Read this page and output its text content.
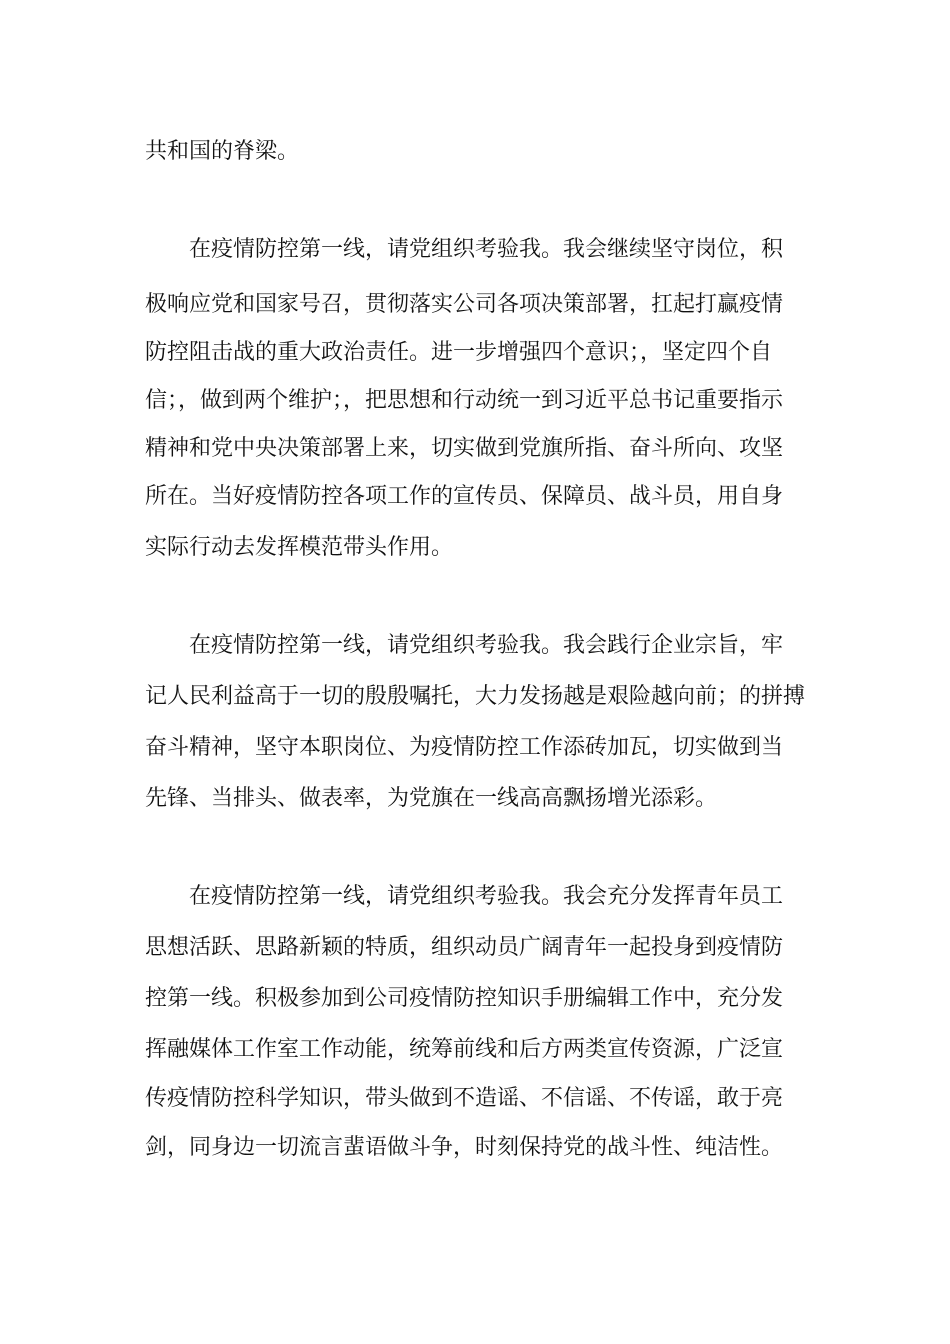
共和国的脊梁。

在疫情防控第一线，请党组织考验我。我会继续坚守岗位，积

极响应党和国家号召，贯彻落实公司各项决策部署，扛起打赢疫情

防控阻击战的重大政治责任。进一步增强四个意识；，坚定四个自

信；，做到两个维护；，把思想和行动统一到习近平总书记重要指示

精神和党中央决策部署上来，切实做到党旗所指、奋斗所向、攻坚

所在。当好疫情防控各项工作的宣传员、保障员、战斗员，用自身

实际行动去发挥模范带头作用。

在疫情防控第一线，请党组织考验我。我会践行企业宗旨，牢

记人民利益高于一切的殷殷嘱托，大力发扬越是艰险越向前；的拼搏

奋斗精神，坚守本职岗位、为疫情防控工作添砖加瓦，切实做到当

先锋、当排头、做表率，为党旗在一线高高飘扬增光添彩。

在疫情防控第一线，请党组织考验我。我会充分发挥青年员工

思想活跃、思路新颖的特质，组织动员广阔青年一起投身到疫情防

控第一线。积极参加到公司疫情防控知识手册编辑工作中，充分发

挥融媒体工作室工作动能，统筹前线和后方两类宣传资源，广泛宣

传疫情防控科学知识，带头做到不造谣、不信谣、不传谣，敢于亮

剑，同身边一切流言蜚语做斗争，时刻保持党的战斗性、纯洁性。
